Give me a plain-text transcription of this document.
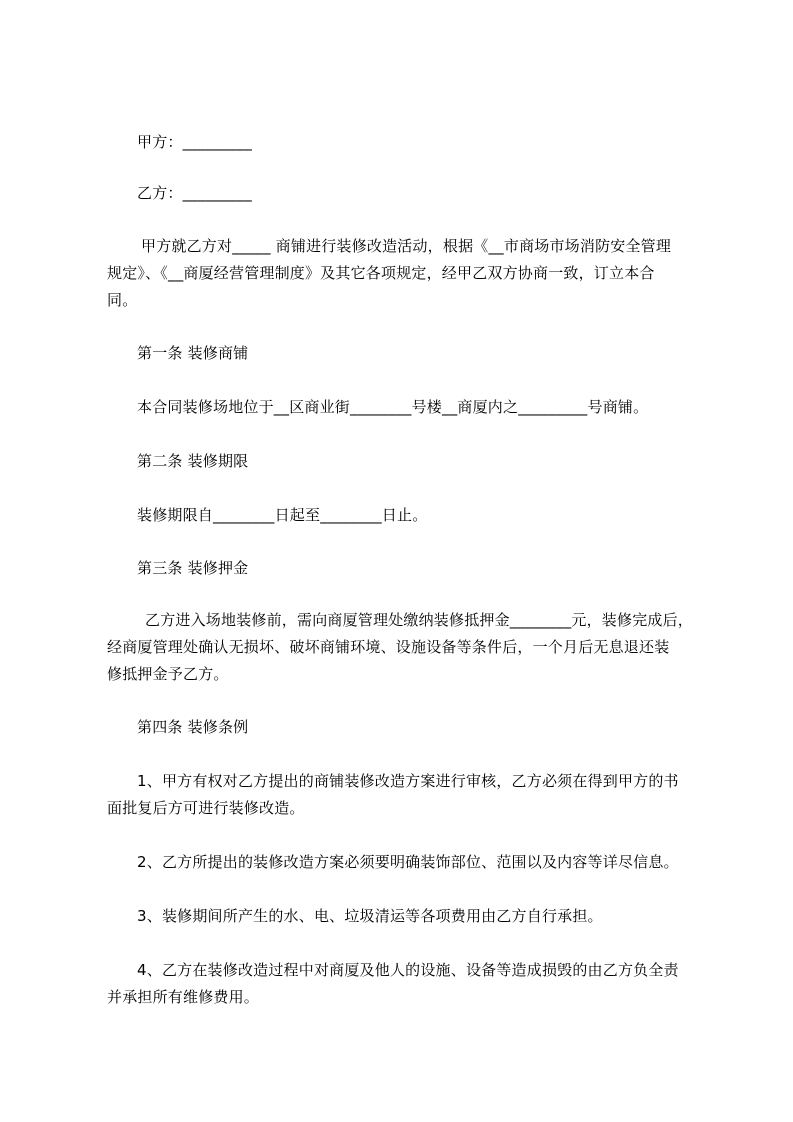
甲方：_________
乙方：_________
甲方就乙方对_____ 商铺进行装修改造活动，根据《__市商场市场消防安全管理
规定》、《__商厦经营管理制度》及其它各项规定，经甲乙双方协商一致，订立本合
同。
第一条 装修商铺
本合同装修场地位于__区商业街________号楼__商厦内之_________号商铺。
第二条 装修期限
装修期限自________日起至________日止。
第三条 装修押金
乙方进入场地装修前，需向商厦管理处缴纳装修抵押金________元，装修完成后，
经商厦管理处确认无损坏、破坏商铺环境、设施设备等条件后，一个月后无息退还装
修抵押金予乙方。
第四条 装修条例
1、甲方有权对乙方提出的商铺装修改造方案进行审核，乙方必须在得到甲方的书
面批复后方可进行装修改造。
2、乙方所提出的装修改造方案必须要明确装饰部位、范围以及内容等详尽信息。
3、装修期间所产生的水、电、垃圾清运等各项费用由乙方自行承担。
4、乙方在装修改造过程中对商厦及他人的设施、设备等造成损毁的由乙方负全责
并承担所有维修费用。
